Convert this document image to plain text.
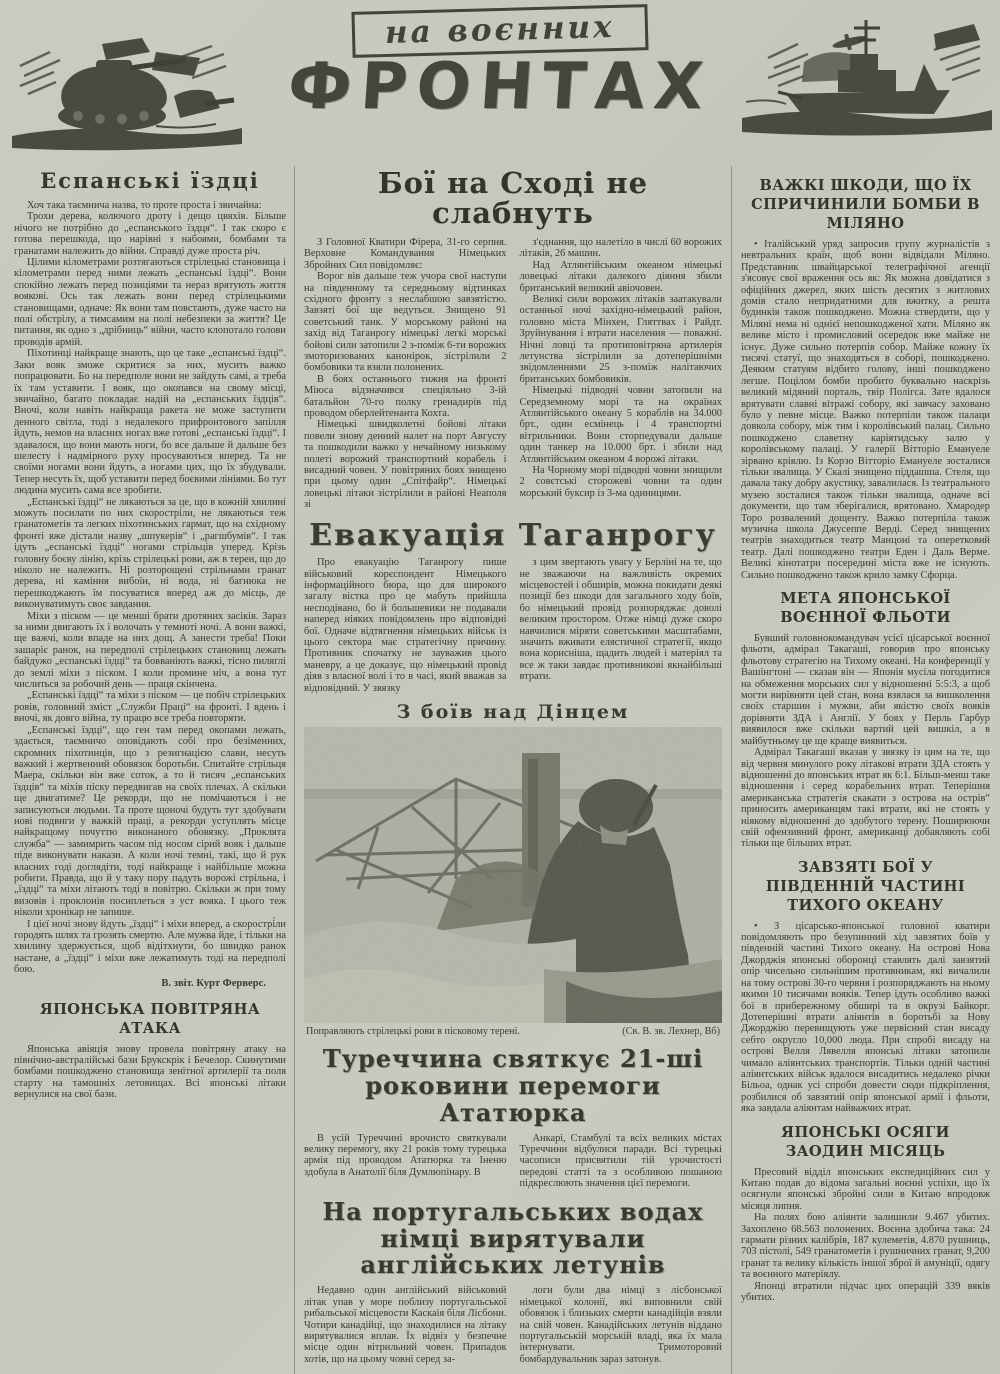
на воєнних
ФРОНТАХ
Еспанські їздці

Хоч така таємнича назва, то проте проста і звичайна:

Трохи дерева, колючого дроту і дещо цвяхів. Більше нічого не потрібно до „еспанського їздця“. І так скоро є готова перешкода, що нарівні з набоями, бомбами та гранатами належить до війни. Справді дуже проста річ.

Цілими кілометрами розтягаються стрілецькі становища і кілометрами перед ними лежать „еспанські їздці“. Вони спокійно лежать перед позиціями та нераз врятують життя воякові. Ось так лежать вони перед стрілецькими становищами, одначе: Як вони там повстають, дуже часто на полі обстрілу, а тимсамим на полі небезпеки за життя? Це питання, як одно з „дрібниць“ війни, часто клопотало голови проводів армій.

Піхотинці найкраще знають, що це таке „еспанські їздці“. Заки вояк зможе скритися за них, мусить важко попрацювати. Бо на передполе вони не зайдуть самі, а треба їх там уставити. І вояк, що окопався на свому місці, звичайно, багато покладає надій на „еспанських їздців“. Вночі, коли навіть найкраща ракета не може заступити денного світла, тоді з недалекого прифронтового запілля йдуть, немов на власних ногах вже готові „еспанські їздці“. І здавалося, що вони мають ноги, бо все дальше й дальше без шелесту і надмірного руху просуваються вперед. Та не своїми ногами вони йдуть, а ногами цих, що їх збудували. Тепер несуть їх, щоб уставити перед боєвими лініями. Бо тут людина мусить сама все зробити.

„Еспанські їздці“ не лякаються за це, що в кожній хвилині можуть посилати по них скорострі́ли, не лякаються теж гранатометів та легких піхотинських гармат, що на східному фронті вже дістали назву „шпукерів“ і „рагшбумів“. І так ідуть „еспанські їздці“ ногами стрільців уперед. Крізь головну боєву лінію, крізь стрілецькі рови, аж в терен, що до ніколо не належить. Ні розторощені стрільнами гранат дерева, ні каміння вибоїн, ні вода, ні багнюка не перешкоджають їм посуватися вперед аж до місць, де виконуватимуть своє завдання.

Міхи з піском — це менші брати дротяних засіків. Зараз за ними двигають їх і волочать у темноті ночі. А вони важкі, ще важчі, коли впаде на них дощ. А занести треба! Поки зашаріє ранок, на передполі стрілецьких становищ лежать байдужо „еспанські їздці“ та бовваніють важкі, тісно пиляглі до землі міхи з піском. І коли промине ніч, а вона тут числиться за робочий день — праця скінчена.

„Еспанські їздці“ та міхи з піском — це побіч стрілецьких ровів, головний зміст „Служби Праці“ на фронті. І вдень і вночі, як довго війна, ту працю все треба повторяти.

„Еспанські їздці“, що ген там перед окопами лежать, здається, таємничо оповідають собі про безіменних, скромних піхотинців, що з резигнацією слави, несуть важкий і жертвенний обовязок боротьби. Спитайте стрільця Маера, скільки він вже соток, а то й тисяч „еспанських їздців“ та міхів піску передвигав на своїх плечах. А скільки ще двигатиме? Це рекорди, що не помічаються і не записуються людьми. Та проте щоночі будуть тут здобувати нові подвиги у важкій праці, а рекорди уступлять місце найкращому почуттю виконаного обовязку. „Проклята служба“ — замимрить часом під носом сірий вояк і дальше піде виконувати накази. А коли ночі темні, такі, що й рук власних годі доглядіти, тоді найкраще і найбільше можна робити. Правда, що й у таку пору падуть ворожі стрільна, і „їздці“ та міхи літають тоді в повітрю. Скільки ж при тому визовів і проклонів посиплеться з уст вояка. І цього теж ніколи хронікар не запише.

І цієї ночі знову йдуть „їздці“ і міхи вперед, а скорострі́ли городять шлях та грозять смертю. Але мужва йде, і тільки на хвилину здержується, щоб відітхнути, бо швидко ранок настане, а „їздці“ і міхи вже лежатимуть тоді на передполі бою.

В. звіт. Курт Ферверс.
ЯПОНСЬКА ПОВІТРЯНА АТАКА

Японська авіяція знову провела повітряну атаку на північно-австралійські бази Брукскрік і Бечелор. Скинутими бомбами пошкоджено становища зенітної артилерії та поля старту на тамошніх летовищах. Всі японські літаки вернулися на свої бази.

Бої на Сході не слабнуть

З Головної Кватири Фірера, 31-го серпня. Верховне Командування Німецьких Збройних Сил повідомляє:

Ворог вів дальше теж учора свої наступи на південному та середньому відтинках східного фронту з неслабшою завзятістю. Завзяті бої ще ведуться. Знищено 91 советський танк. У морському районі на захід від Таганрогу німецькі легкі морські бойові сили затопили 2 з-поміж 6-ти ворожих змоторизованих канонірок, зістрілили 2 бомбовики та взяли полонених.

В боях останнього тижня на фронті Міюса відзначився спеціяльно 3-ій батальйон 70-го полку гренадирів під проводом оберлейтенанта Кохта.

Німецькі швидколетні бойові літаки повели знову денний налет на порт Августу та пошкодили важко у нечайному низькому полеті ворожий транспортний корабель і висадний човен. У повітряних боях знищено при цьому один „Спітфайр“. Німецькі ловецькі літаки зістрілили в районі Неаполя зі

з'єднання, що налетіло в числі 60 ворожих літаків, 26 машин.

Над Атлянтійським океаном німецькі ловецькі літаки далекого діяння збили британський великий авіочовен.

Великі сили ворожих літаків заатакували останньої ночі західно-німецький район, головно міста Мінхен, Гляттвах і Райдт. Зруйнування і втрати населення — поважні. Нічні ловці та протиповітряна артилерія летунства зістрілили за дотеперішніми звідомленнями 25 з-поміж налітаючих британських бомбовиків.

Німецькі підводні човни затопили на Середземному морі та на окраїнах Атлянтійського океану 5 кораблів на 34.000 брт., один есмінець і 4 транспортні вітрильники. Вони сторпедували дальше один танкер на 10.000 брт. і збили над Атлянтійським океаном 4 ворожі літаки.

На Чорному морі підводні човни знищили 2 совєтські сторожеві човни та один морський буксир із 3-ма одиницями.

Евакуація Таганрогу

Про евакуацію Таганрогу пише військовий корєспондент Німецького інформаційного бюра, що для широкого загалу вістка про це мабуть прийшла несподівано, бо й большевики не подавали наперед ніяких повідомлень про відповідні бої. Одначе відтягнення німецьких військ із цього сектора має стратегічну причину. Противник спочатку не зауважив цього маневру, а це доказує, що німецький провід діяв з власної волі і то в часі, який вважав за відповідний. У звязку

з цим звертають увагу у Берліні на те, що не зважаючи на важливість окремих місцевостей і обширів, можна покидати деякі позиції без шкоди для загального ходу боїв, бо німецький провід розпоряджає доволі великим простором. Отже німці дуже скоро навчилися міряти советськими масштабами, значить вживати елястичної стратегії, якщо вона корисніша, щадить людей і матеріял та все ж таки завдає противникові якнайбільші втрати.

З боїв над Дінцем
Поправляють стрілецькі рови в пісковому терені.	(Св. В. зв. Лехнер, Вб)
Туреччина святкує 21-ші роковини перемоги Ататюрка

В усій Туреччині врочисто святкували велику перемогу, яку 21 років тому турецька армія під проводом Ататюрка та Іненю здобула в Анатолії біля Думлюпінару. В

Анкарі, Стамбулі та всіх великих містах Туреччини відбулися паради. Всі турецькі часописи присвятили тій урочистості передові статті та з особливою пошаною підкреслюють значення цієї перемоги.

На португальських водах німці вирятували англійських летунів

Недавно один англійський військовий літак упав у море поблизу португальської рибальської місцевости Каскаія біля Лісбони. Чотири канадійці, що знаходилися на літаку вирятувалися вплав. Їх відвіз у безпечне місце один вітрильний човен. Припадок хотів, що на цьому човні серед за-

логи були два німці з лісбонської німецької колонії, які виповнили свій обовязок і близьких смерти канадійців взяли на свій човен. Канадійських летунів віддано португальській морській владі, яка їх мала інтернувати. Тримоторовий бомбардувальник зараз затонув.

ВАЖКІ ШКОДИ, ЩО ЇХ СПРИЧИНИЛИ БОМБИ В МІЛЯНО

• Італійський уряд запросив групу журналістів з невтральних країн, щоб вони відвідали Міляно. Представник швайцарської телеграфічної агенції з'ясовує свої враження ось як: Як можна довідатися з офіційних джерел, яких шість десятих з житлових домів стало непридатними для вжитку, а решта будинків також пошкоджено. Можна ствердити, що у Міляні нема ні однієї непошкодженої хати. Міляно як велике місто і промисловий осередок вже майже не існує. Дуже сильно потерпів собор. Майже кожну їх тисячі статуї, що знаходяться в соборі, пошкоджено. Деяким статуям відбито голову, інші пошкоджено легше. Поцілом бомби пробито буквально наскрізь великий мідяний порталь, твір Полігса. Зате вдалося врятувати славні вітражі собору, які завчасу заховано було у певне місце. Важко потерпіли також палаци довкола собору, між тим і королівський палац. Сильно пошкоджено славетну каріятидську залю у королівському палаці. У галерії Вітторіо Емануеле зірвано крівлю. Із Корзо Вітторіо Емануеле зосталися тільки звалища. У Скалі знищено піддашша. Стеля, що давала таку добру акустику, завалилася. Із театрального музею зосталися також тільки звалища, одначе всі документи, що там зберігалися, врятовано. Хмародер Торо розвалений дощенту. Важко потерпіла також музична школа Джусеппе Верді. Серед знищених театрів знаходиться театр Манцоні та оперетковий театр. Далі пошкоджено театри Еден і Даль Верме. Великі кінотатри посередині міста вже не існують. Сильно пошкоджено також крило замку Сфорца.

МЕТА ЯПОНСЬКОЇ ВОЄННОЇ ФЛЬОТИ

Бувший головнокомандувач усієї цісарської воєнної фльоти, адмірал Такагаші, говорив про японську фльотову стратегію на Тихому океані. На конференції у Вашінгтоні — сказав він — Японія мусіла погодитися на обмеження морських сил у відношенні 5:5:3, а щоб могти вирівняти цей стан, вона взялася за вишколення своїх старшин і мужви, аби якістю своїх вояків дорівняти ЗДА і Англії. У боях у Перль Гарбур виявилося вже скільки вартий цей вишкіл, а в майбутньому це ще краще виявиться.

Адмірал Такагаші вказав у звязку із цим на те, що від червня минулого року літакові втрати ЗДА стоять у відношенні до японських втрат як 6:1. Більш-менш таке відношення і серед корабельних втрат. Теперішня американська стратегія скакати з острова на острів“ приносить американцям такі втрати, які не стоять у ніякому відношенні до здобутого терену. Поширюючи свій офензивний фронт, американці добавляють собі тільки ще більших втрат.

ЗАВЗЯТІ БОЇ У ПІВДЕННІЙ ЧАСТИНІ ТИХОГО ОКЕАНУ

• З цісарсько-японської головної кватири повідомляють про безупинний хід завзятих боїв у південній частині Тихого океану. На острові Нова Джорджія японські оборонці ставлять далі завзятий опір чисельно сильнішим противникам, які вичалили на тому острові 30-го червня і розпоряджають на ньому якими 10 тисячами вояків. Тепер ідуть особливо важкі бої в прибережному обширі та в окрузі Байкорг. Дотеперішні втрати аліянтів в боротьбі за Нову Джорджію перевищують уже первісний стан висаду себто округло 10,000 люда. При спробі висаду на острові Велля Лявелля японські літаки затопили чимало аліянтських транспортів. Тільки одній частині аліянтських військ вдалося висадитись недалеко річки Більоа, однак усі спроби довести сюди підкріплення, розбилися об завзятий опір японської армії і фльоти, яка завдала аліянтам найважчих втрат.

ЯПОНСЬКІ ОСЯГИ ЗАОДИН МІСЯЦЬ

Пресовий відділ японських експедиційних сил у Китаю подав до відома загальні воєнні успіхи, що їх осягнули японські збройні сили в Китаю впродовж місяця липня.

На полях бою аліянти залишили 9.467 убитих. Захоплено 68.563 полонених. Воєнна здобича така: 24 гармати різних калібрів, 187 кулеметів, 4.870 рушниць, 703 пістолі, 549 гранатометів і рушничних гранат, 9,200 гранат та велику кількість іншої зброї й амуніції, одягу та воєнного матеріялу.

Японці втратили підчас цих операцій 339 вяків убитих.
